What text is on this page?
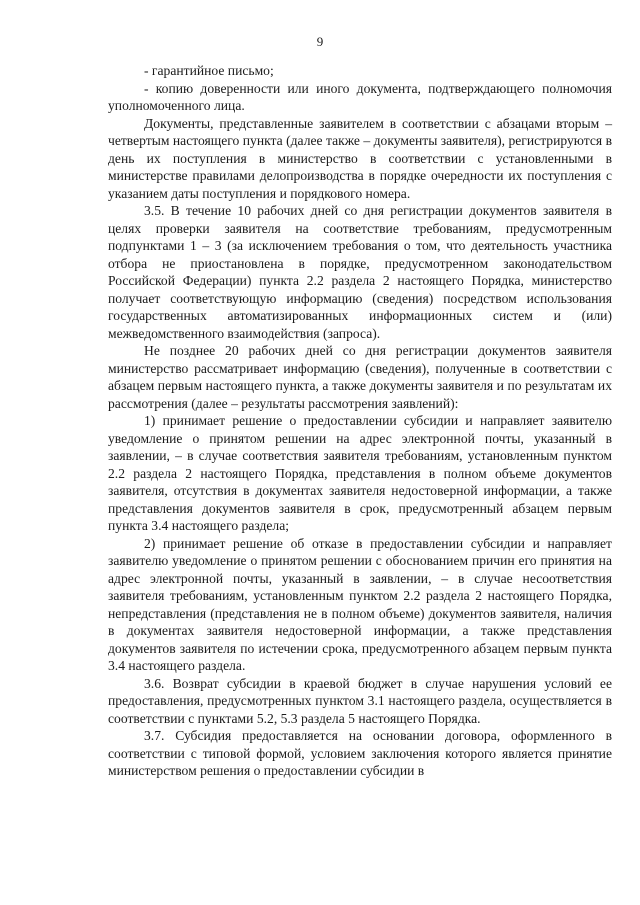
9

- гарантийное письмо;

- копию доверенности или иного документа, подтверждающего полномочия уполномоченного лица.

Документы, представленные заявителем в соответствии с абзацами вторым – четвертым настоящего пункта (далее также – документы заявителя), регистрируются в день их поступления в министерство в соответствии с установленными в министерстве правилами делопроизводства в порядке очередности их поступления с указанием даты поступления и порядкового номера.

3.5. В течение 10 рабочих дней со дня регистрации документов заявителя в целях проверки заявителя на соответствие требованиям, предусмотренным подпунктами 1 – 3 (за исключением требования о том, что деятельность участника отбора не приостановлена в порядке, предусмотренном законодательством Российской Федерации) пункта 2.2 раздела 2 настоящего Порядка, министерство получает соответствующую информацию (сведения) посредством использования государственных автоматизированных информационных систем и (или) межведомственного взаимодействия (запроса).

Не позднее 20 рабочих дней со дня регистрации документов заявителя министерство рассматривает информацию (сведения), полученные в соответствии с абзацем первым настоящего пункта, а также документы заявителя и по результатам их рассмотрения (далее – результаты рассмотрения заявлений):

1) принимает решение о предоставлении субсидии и направляет заявителю уведомление о принятом решении на адрес электронной почты, указанный в заявлении, – в случае соответствия заявителя требованиям, установленным пунктом 2.2 раздела 2 настоящего Порядка, представления в полном объеме документов заявителя, отсутствия в документах заявителя недостоверной информации, а также представления документов заявителя в срок, предусмотренный абзацем первым пункта 3.4 настоящего раздела;

2) принимает решение об отказе в предоставлении субсидии и направляет заявителю уведомление о принятом решении с обоснованием причин его принятия на адрес электронной почты, указанный в заявлении, – в случае несоответствия заявителя требованиям, установленным пунктом 2.2 раздела 2 настоящего Порядка, непредставления (представления не в полном объеме) документов заявителя, наличия в документах заявителя недостоверной информации, а также представления документов заявителя по истечении срока, предусмотренного абзацем первым пункта 3.4 настоящего раздела.

3.6. Возврат субсидии в краевой бюджет в случае нарушения условий ее предоставления, предусмотренных пунктом 3.1 настоящего раздела, осуществляется в соответствии с пунктами 5.2, 5.3 раздела 5 настоящего Порядка.

3.7. Субсидия предоставляется на основании договора, оформленного в соответствии с типовой формой, условием заключения которого является принятие министерством решения о предоставлении субсидии в
